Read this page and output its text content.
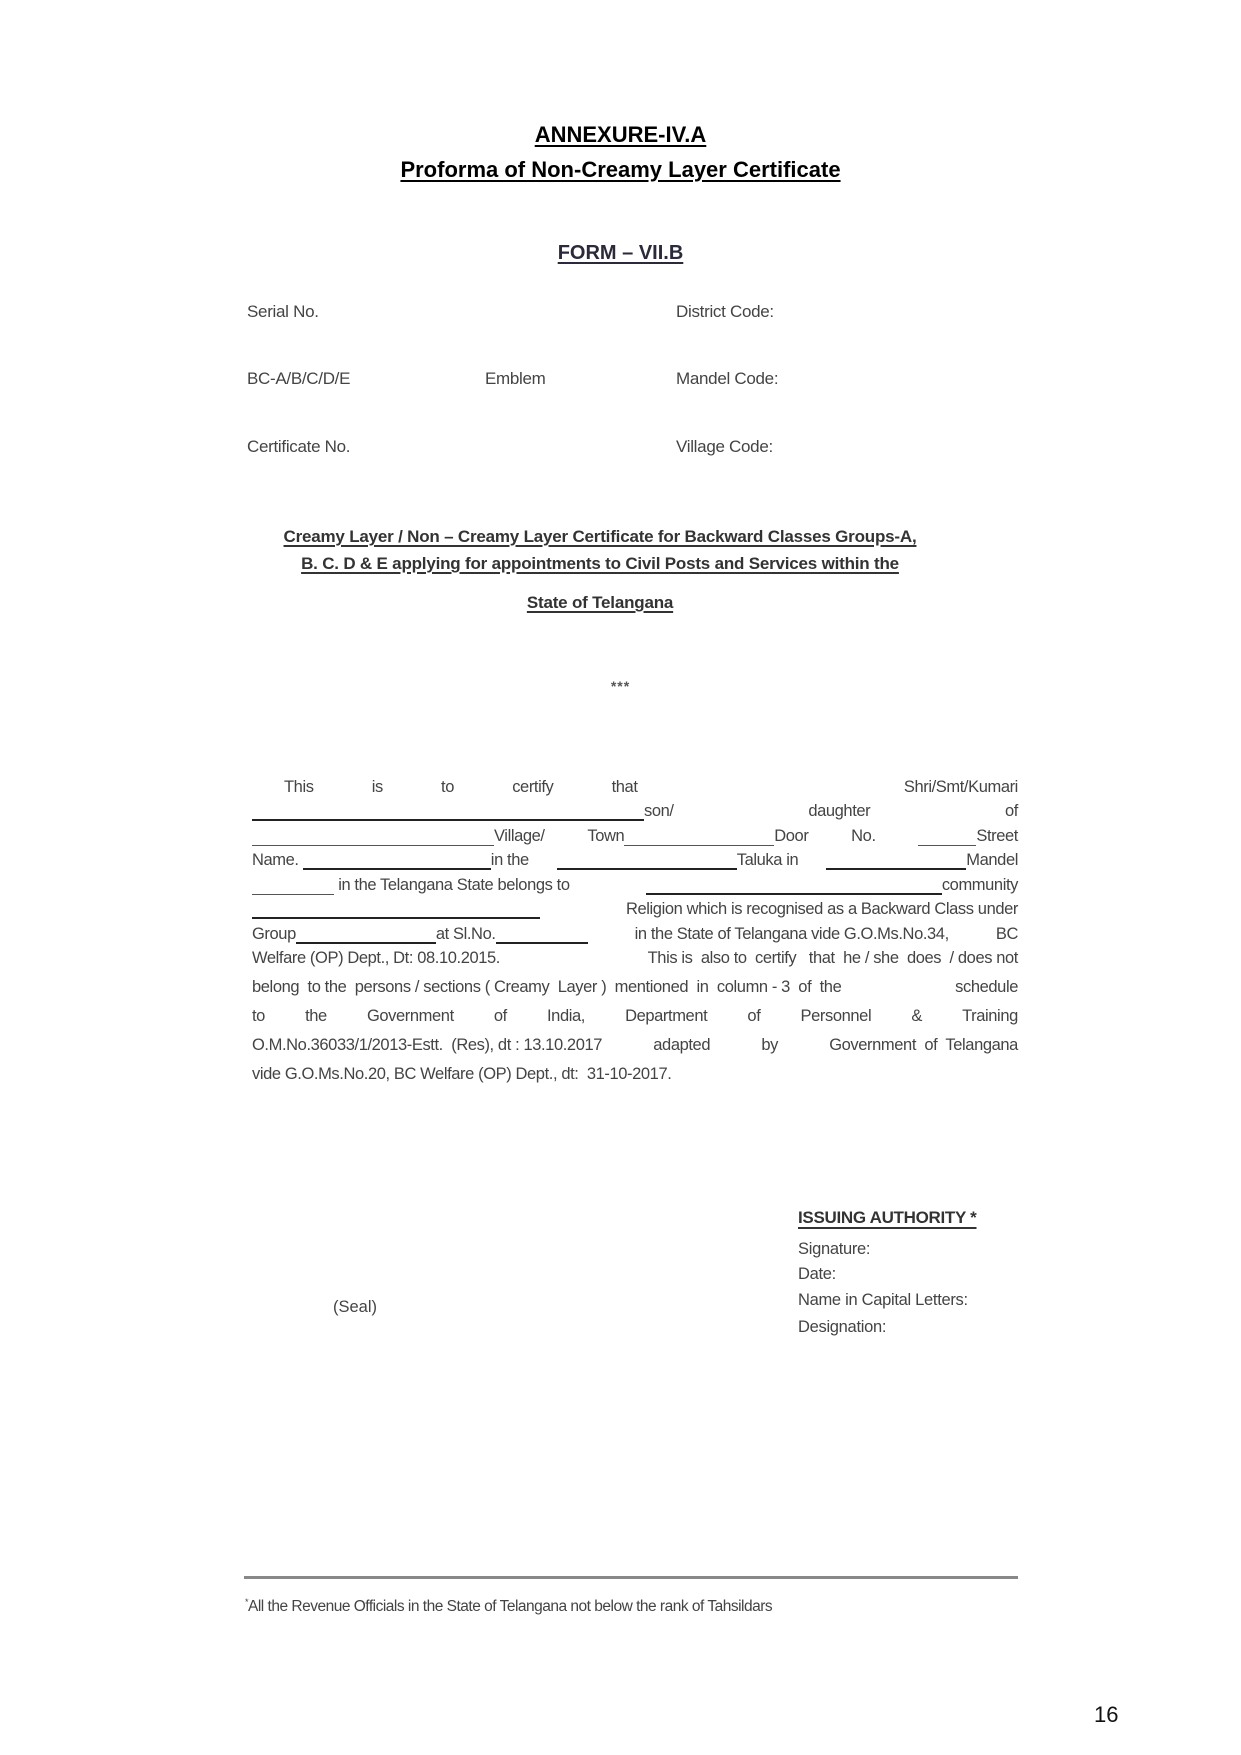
ANNEXURE-IV.A
Proforma of Non-Creamy Layer Certificate
FORM – VII.B
Serial No.	District Code:
BC-A/B/C/D/E	Emblem	Mandel Code:
Certificate No.	Village Code:
Creamy Layer / Non – Creamy Layer Certificate for Backward Classes Groups-A,
B. C. D & E applying for appointments to Civil Posts and Services within the
State of Telangana
***
This	is	to	certify	that	Shri/Smt/Kumari
son/	daughter	of
Village/	Town	Door	No.	Street
Name.	in the	Taluka in	Mandel
in the Telangana State belongs to	community
Religion which is recognised as a Backward Class under
Group	at Sl.No.	in the State of Telangana vide G.O.Ms.No.34,	BC
Welfare (OP) Dept., Dt: 08.10.2015.	This is  also to  certify   that  he / she  does  / does not
belong  to the  persons / sections ( Creamy  Layer )  mentioned  in  column - 3  of  the	schedule
to the Government of India, Department of Personnel & Training
O.M.No.36033/1/2013-Estt.  (Res), dt : 13.10.2017	adapted	by	Government  of  Telangana
vide G.O.Ms.No.20, BC Welfare (OP) Dept., dt:  31-10-2017.
ISSUING AUTHORITY *
Signature:
Date:
Name in Capital Letters:
Designation:
(Seal)
*All the Revenue Officials in the State of Telangana not below the rank of Tahsildars
16
